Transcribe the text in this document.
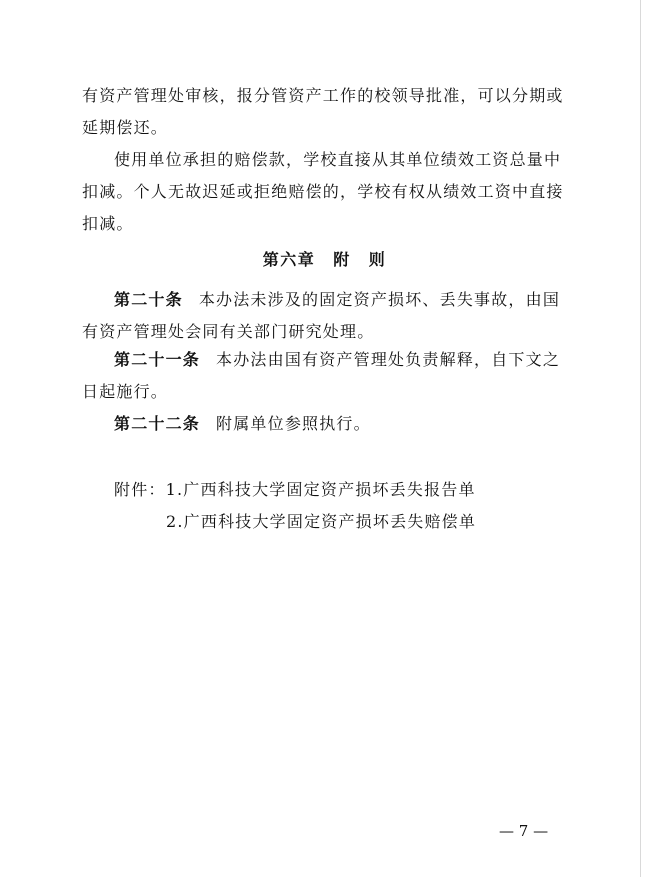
有资产管理处审核，报分管资产工作的校领导批准，可以分期或
延期偿还。
使用单位承担的赔偿款，学校直接从其单位绩效工资总量中
扣减。个人无故迟延或拒绝赔偿的，学校有权从绩效工资中直接
扣减。
第六章 附 则
第二十条 本办法未涉及的固定资产损坏、丢失事故，由国
有资产管理处会同有关部门研究处理。
第二十一条 本办法由国有资产管理处负责解释，自下文之
日起施行。
第二十二条 附属单位参照执行。
附件：1.广西科技大学固定资产损坏丢失报告单
2.广西科技大学固定资产损坏丢失赔偿单
— 7 —
